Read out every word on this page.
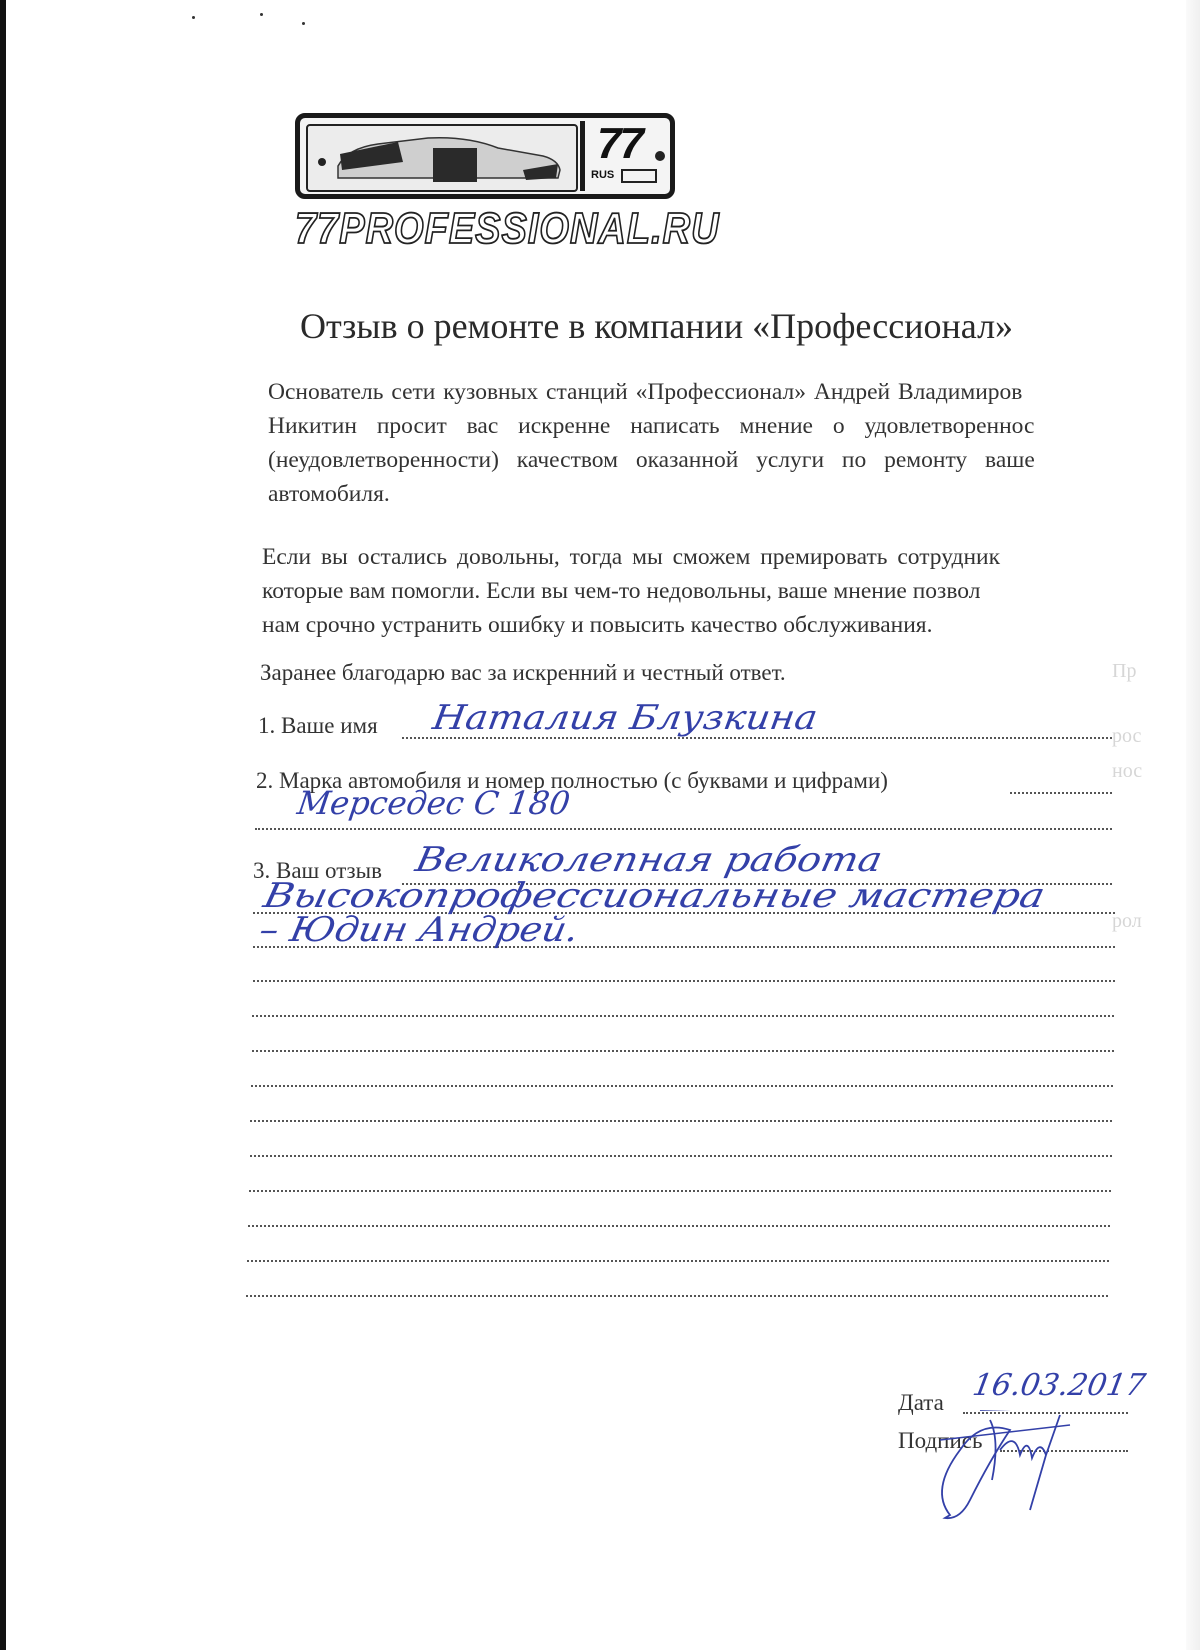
77
RUS
77PROFESSIONAL.RU
Отзыв о ремонте в компании «Профессионал»
Основатель сети кузовных станций «Профессионал» Андрей Владимиров
Никитин просит вас искренне написать мнение о удовлетвореннос
(неудовлетворенности) качеством оказанной услуги по ремонту ваше
автомобиля.
Если вы остались довольны, тогда мы сможем премировать сотрудник
которые вам помогли. Если вы чем-то недовольны, ваше мнение позвол
нам срочно устранить ошибку и повысить качество обслуживания.
Заранее благодарю вас за искренний и честный ответ.
1. Ваше имя Наталия Блузкина
2. Марка автомобиля и номер полностью (с буквами и цифрами)
Мерседес С 180
3. Ваш отзыв Великолепная работа
Высокопрофессиональные мастера
– Юдин Андрей.
Дата 16.03.2017
Подпись
Пр
рос
нос
рол
